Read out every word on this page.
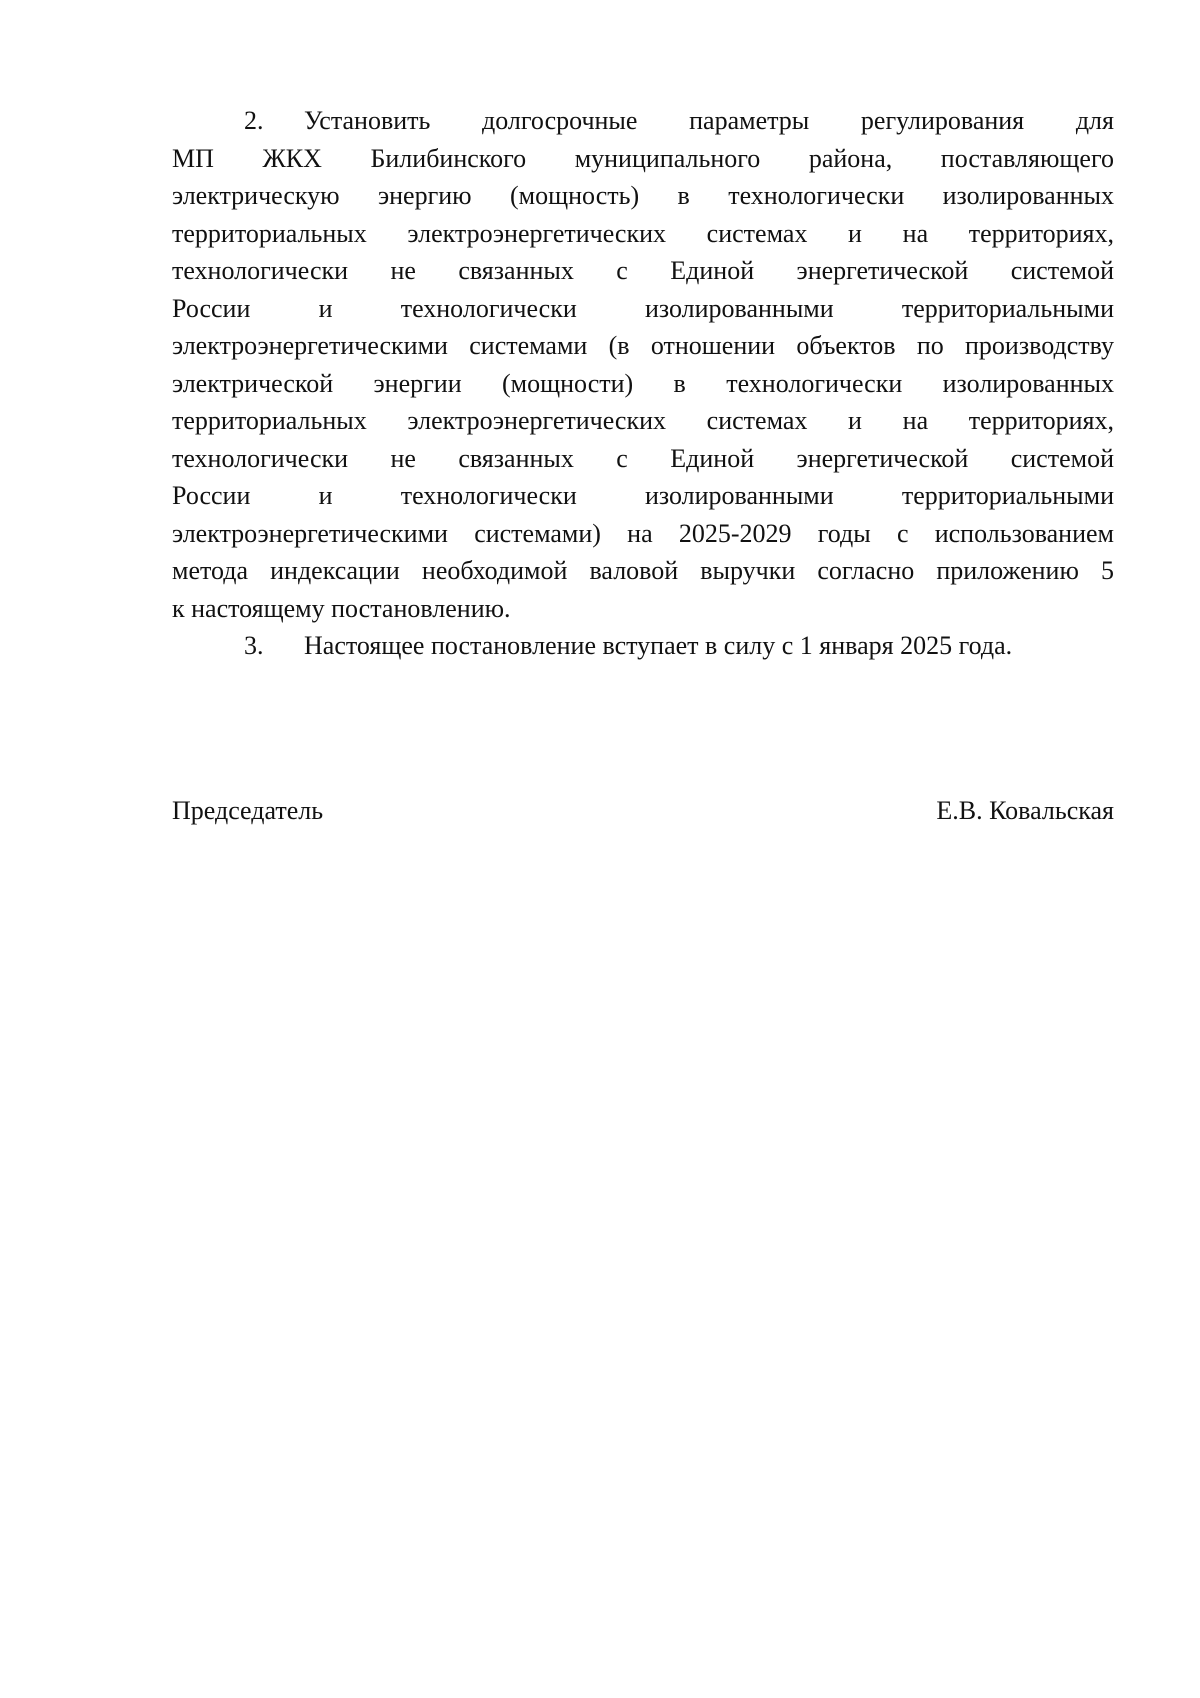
2. Установить долгосрочные параметры регулирования для
МП ЖКХ Билибинского муниципального района, поставляющего
электрическую энергию (мощность) в технологически изолированных
территориальных электроэнергетических системах и на территориях,
технологически не связанных с Единой энергетической системой
России и технологически изолированными территориальными
электроэнергетическими системами (в отношении объектов по производству
электрической энергии (мощности) в технологически изолированных
территориальных электроэнергетических системах и на территориях,
технологически не связанных с Единой энергетической системой
России и технологически изолированными территориальными
электроэнергетическими системами) на 2025-2029 годы с использованием
метода индексации необходимой валовой выручки согласно приложению 5
к настоящему постановлению.
3. Настоящее постановление вступает в силу с 1 января 2025 года.
Председатель	Е.В. Ковальская
